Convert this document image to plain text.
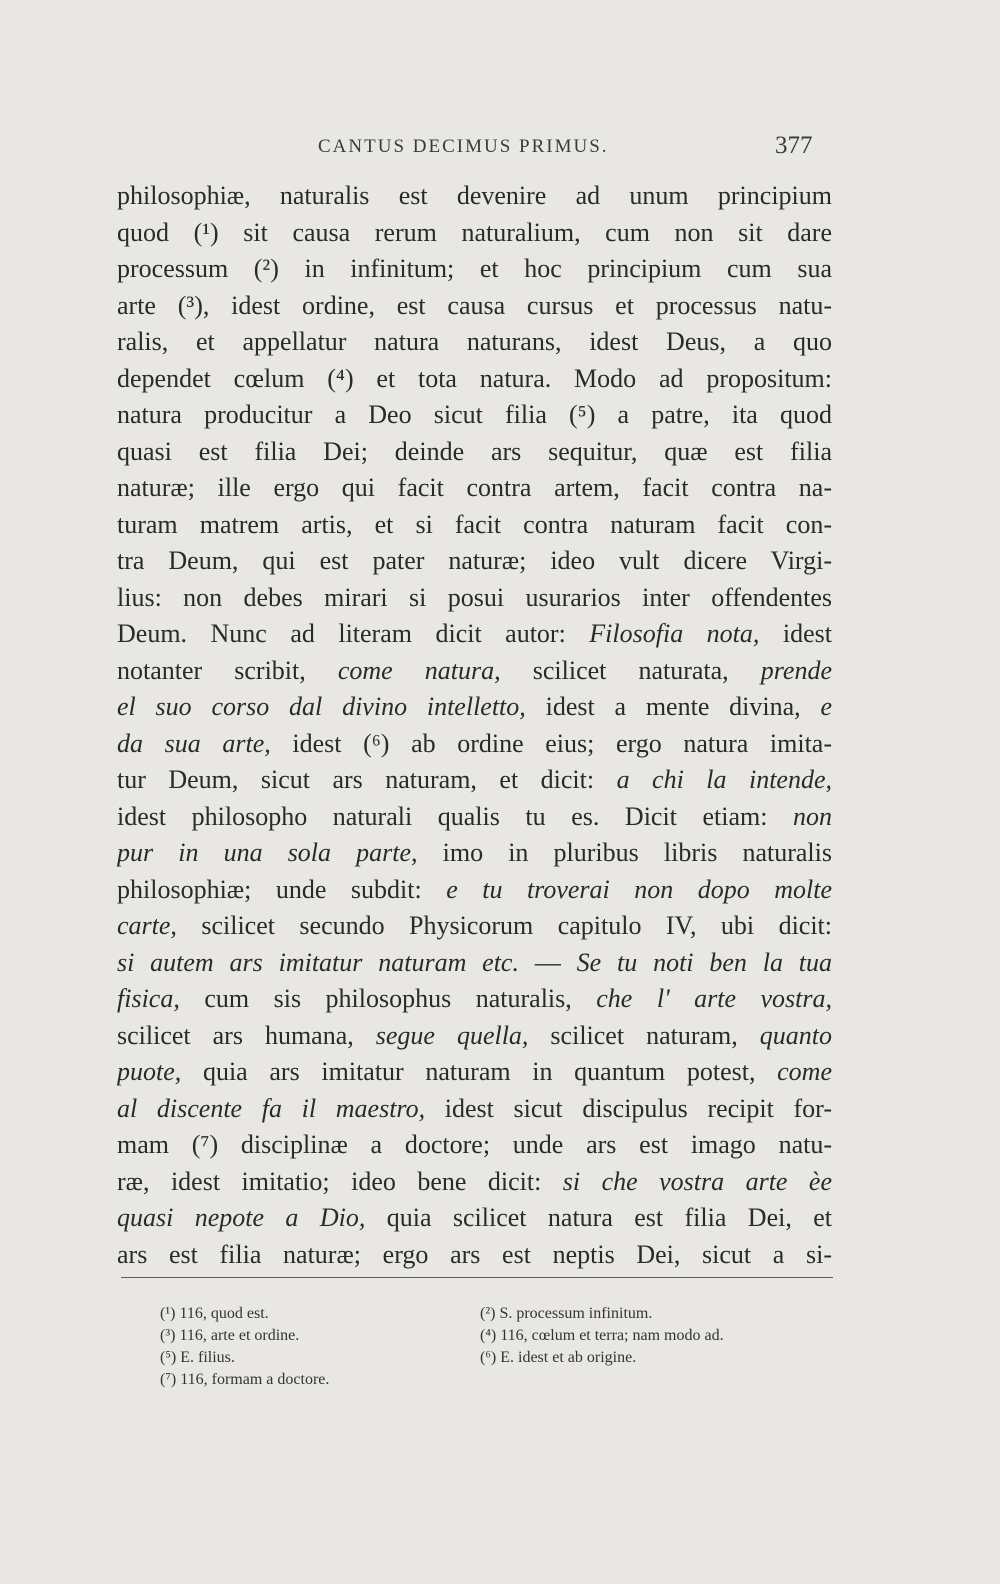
CANTUS DECIMUS PRIMUS.	377
philosophiæ, naturalis est devenire ad unum principium
quod (¹) sit causa rerum naturalium, cum non sit dare
processum (²) in infinitum; et hoc principium cum sua
arte (³), idest ordine, est causa cursus et processus natu-
ralis, et appellatur natura naturans, idest Deus, a quo
dependet cœlum (⁴) et tota natura. Modo ad propositum:
natura producitur a Deo sicut filia (⁵) a patre, ita quod
quasi est filia Dei; deinde ars sequitur, quæ est filia
naturæ; ille ergo qui facit contra artem, facit contra na-
turam matrem artis, et si facit contra naturam facit con-
tra Deum, qui est pater naturæ; ideo vult dicere Virgi-
lius: non debes mirari si posui usurarios inter offendentes
Deum. Nunc ad literam dicit autor: Filosofia nota, idest
notanter scribit, come natura, scilicet naturata, prende
el suo corso dal divino intelletto, idest a mente divina, e
da sua arte, idest (⁶) ab ordine eius; ergo natura imita-
tur Deum, sicut ars naturam, et dicit: a chi la intende,
idest philosopho naturali qualis tu es. Dicit etiam: non
pur in una sola parte, imo in pluribus libris naturalis
philosophiæ; unde subdit: e tu troverai non dopo molte
carte, scilicet secundo Physicorum capitulo IV, ubi dicit:
si autem ars imitatur naturam etc. — Se tu noti ben la tua
fisica, cum sis philosophus naturalis, che l' arte vostra,
scilicet ars humana, segue quella, scilicet naturam, quanto
puote, quia ars imitatur naturam in quantum potest, come
al discente fa il maestro, idest sicut discipulus recipit for-
mam (⁷) disciplinæ a doctore; unde ars est imago natu-
ræ, idest imitatio; ideo bene dicit: si che vostra arte èe
quasi nepote a Dio, quia scilicet natura est filia Dei, et
ars est filia naturæ; ergo ars est neptis Dei, sicut a si-
(¹) 116, quod est.	(²) S. processum infinitum.
(³) 116, arte et ordine.	(⁴) 116, cœlum et terra; nam modo ad.
(⁵) E. filius.	(⁶) E. idest et ab origine.
(⁷) 116, formam a doctore.
